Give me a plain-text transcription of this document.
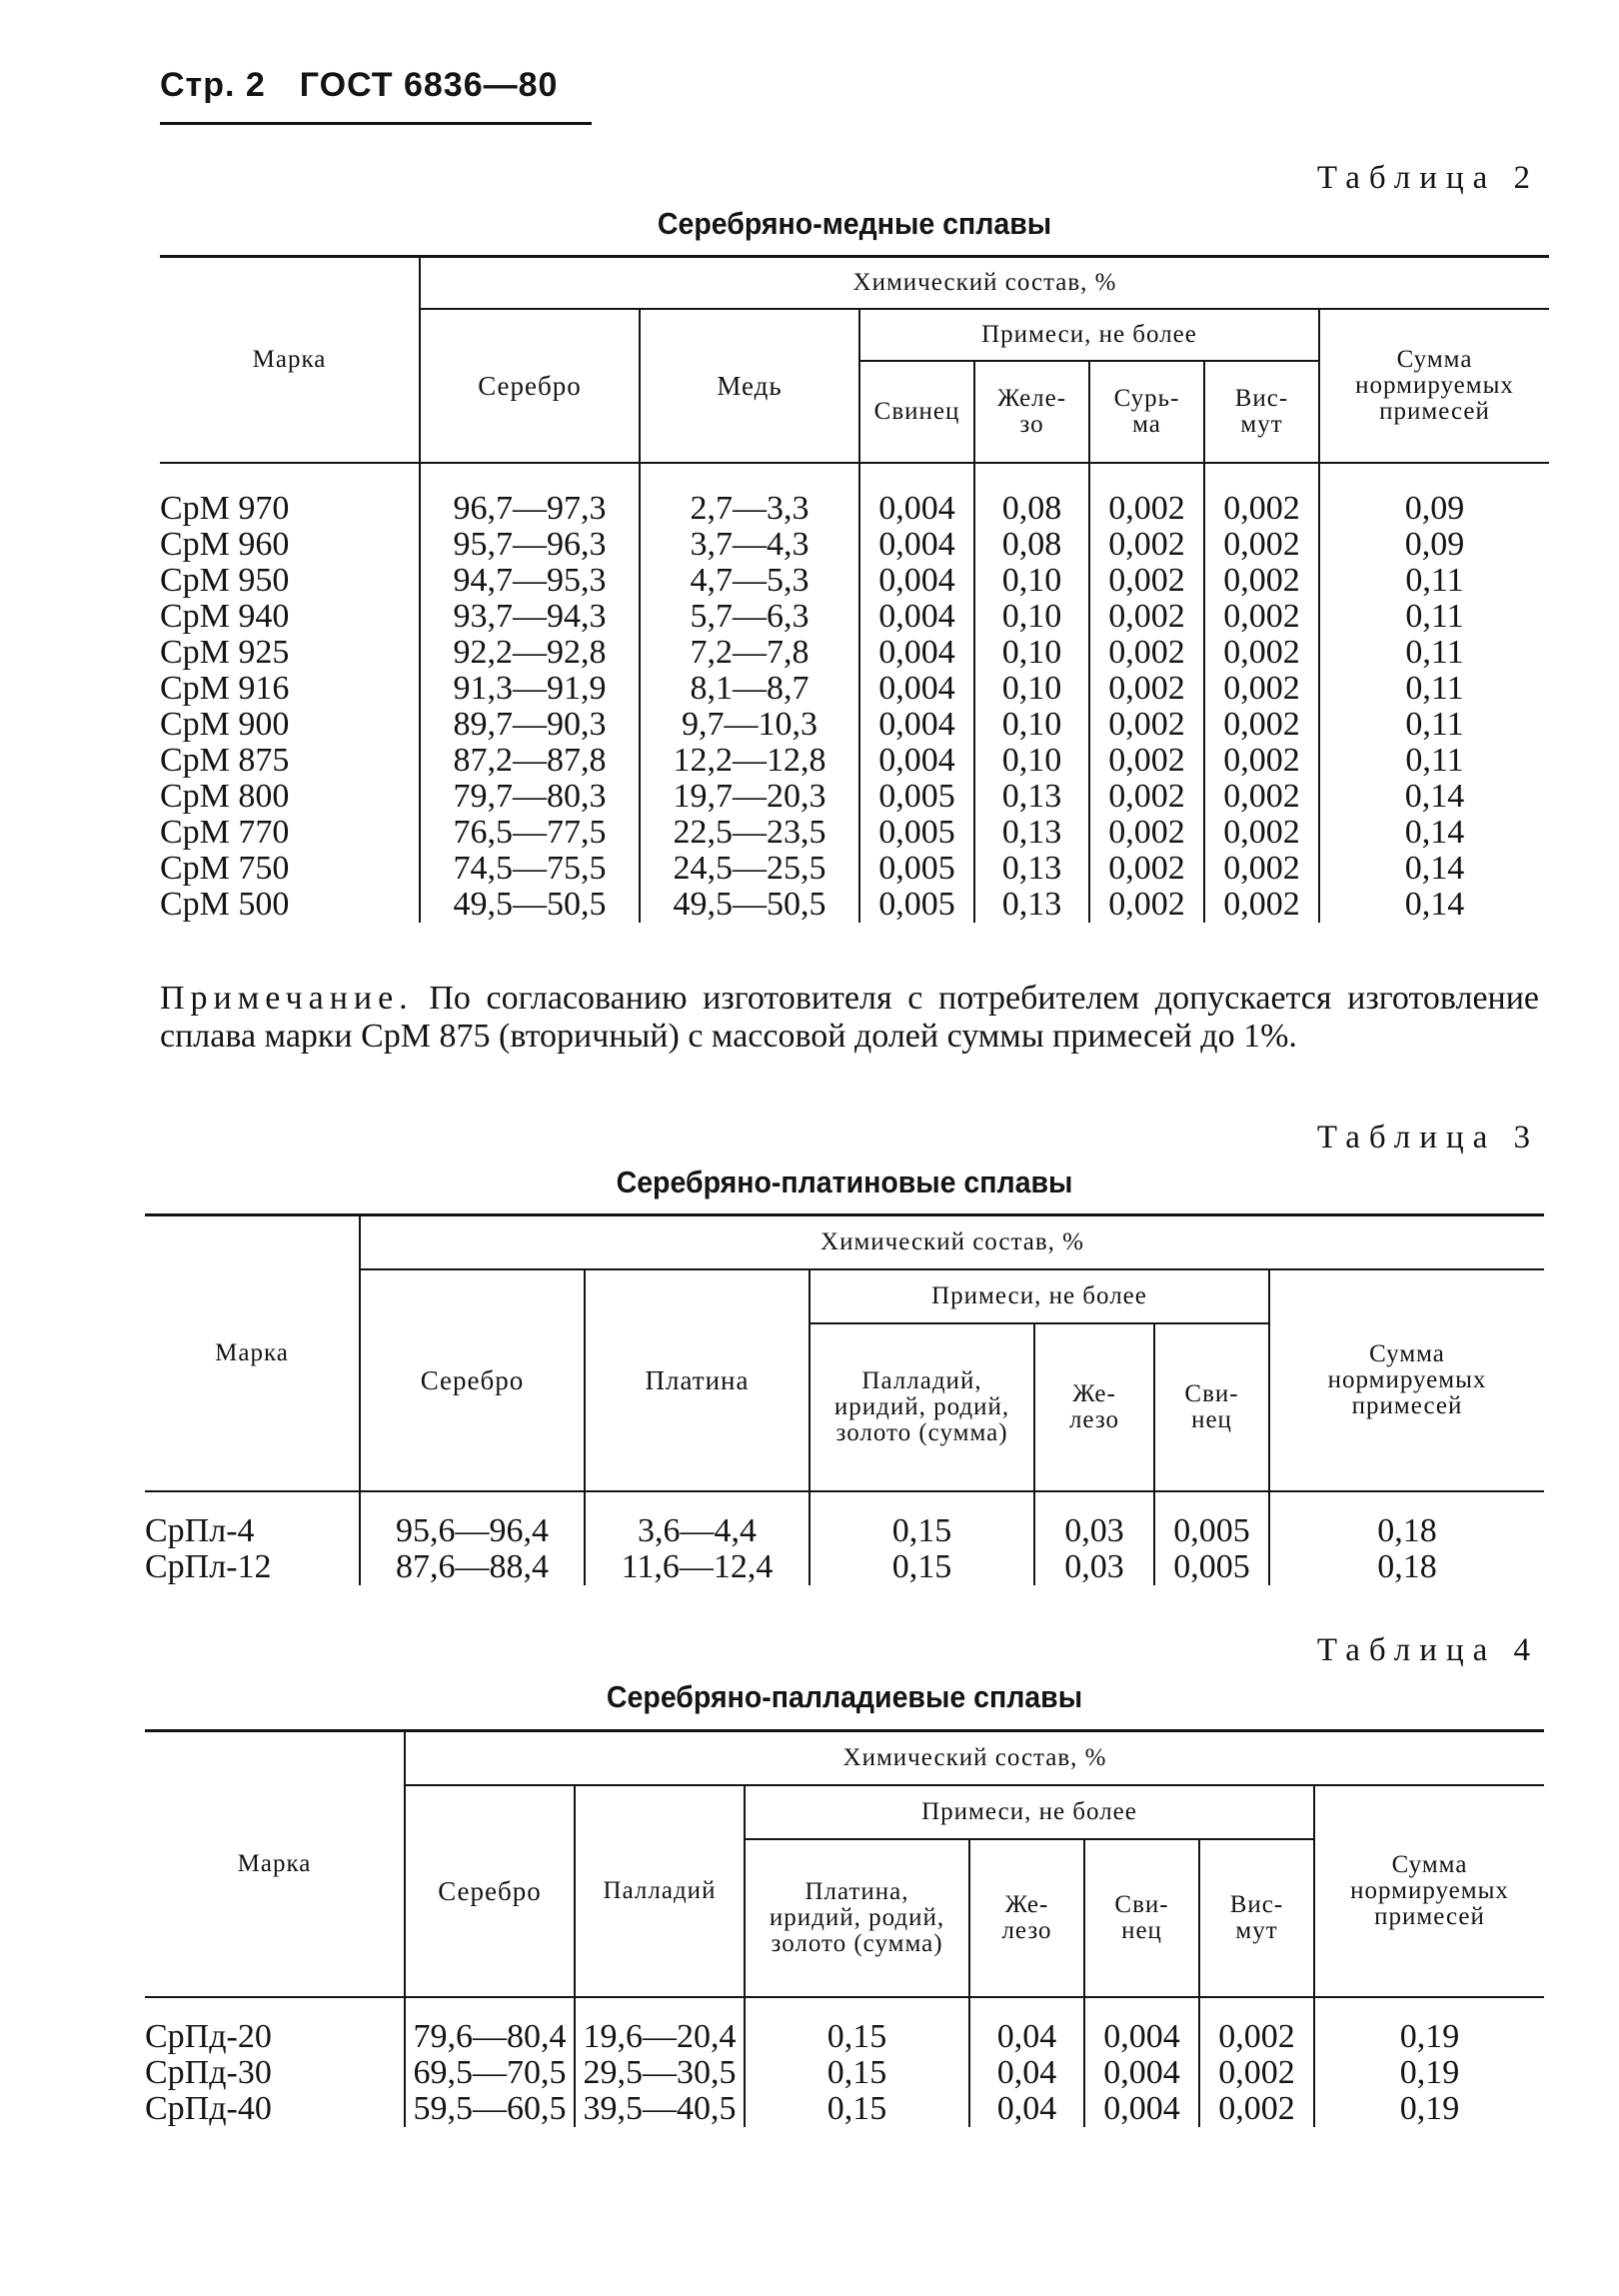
Стр. 2 ГОСТ 6836—80
Таблица 2
Серебряно-медные сплавы
Марка	Химический состав, %						
	Серебро	Медь	Примеси, не более				Сумма нормируемых примесей
			Свинец	Желе-зо	Сурь-ма	Вис-мут	

СрМ 970	96,7—97,3	2,7—3,3	0,004	0,08	0,002	0,002	0,09
СрМ 960	95,7—96,3	3,7—4,3	0,004	0,08	0,002	0,002	0,09
СрМ 950	94,7—95,3	4,7—5,3	0,004	0,10	0,002	0,002	0,11
СрМ 940	93,7—94,3	5,7—6,3	0,004	0,10	0,002	0,002	0,11
СрМ 925	92,2—92,8	7,2—7,8	0,004	0,10	0,002	0,002	0,11
СрМ 916	91,3—91,9	8,1—8,7	0,004	0,10	0,002	0,002	0,11
СрМ 900	89,7—90,3	9,7—10,3	0,004	0,10	0,002	0,002	0,11
СрМ 875	87,2—87,8	12,2—12,8	0,004	0,10	0,002	0,002	0,11
СрМ 800	79,7—80,3	19,7—20,3	0,005	0,13	0,002	0,002	0,14
СрМ 770	76,5—77,5	22,5—23,5	0,005	0,13	0,002	0,002	0,14
СрМ 750	74,5—75,5	24,5—25,5	0,005	0,13	0,002	0,002	0,14
СрМ 500	49,5—50,5	49,5—50,5	0,005	0,13	0,002	0,002	0,14
Примечание. По согласованию изготовителя с потребителем допускается изготовление сплава марки СрМ 875 (вторичный) с массовой долей суммы примесей до 1%.
Таблица 3
Серебряно-платиновые сплавы
Марка	Химический состав, %					
	Серебро	Платина	Примеси, не более			Сумма нормируемых примесей
			Палладий, иридий, родий, золото (сумма)	Же-лезо	Сви-нец	

СрПл-4	95,6—96,4	3,6—4,4	0,15	0,03	0,005	0,18
СрПл-12	87,6—88,4	11,6—12,4	0,15	0,03	0,005	0,18
Таблица 4
Серебряно-палладиевые сплавы
Марка	Химический состав, %						
	Серебро	Палладий	Примеси, не более				Сумма нормируемых примесей
			Платина, иридий, родий, золото (сумма)	Же-лезо	Сви-нец	Вис-мут	

СрПд-20	79,6—80,4	19,6—20,4	0,15	0,04	0,004	0,002	0,19
СрПд-30	69,5—70,5	29,5—30,5	0,15	0,04	0,004	0,002	0,19
СрПд-40	59,5—60,5	39,5—40,5	0,15	0,04	0,004	0,002	0,19
